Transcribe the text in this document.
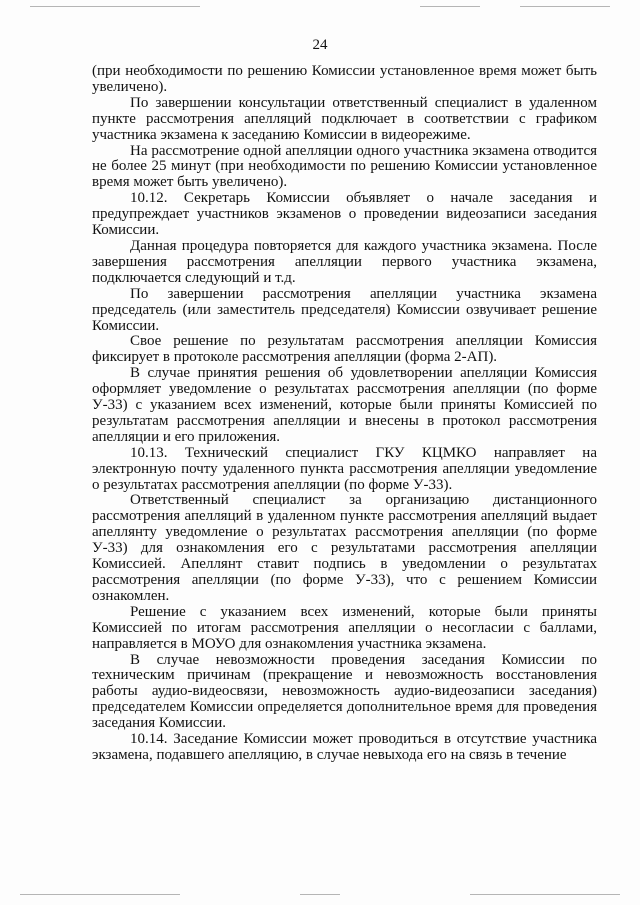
24

(при необходимости по решению Комиссии установленное время может быть увеличено).

По завершении консультации ответственный специалист в удаленном пункте рассмотрения апелляций подключает в соответствии с графиком участника экзамена к заседанию Комиссии в видеорежиме.

На рассмотрение одной апелляции одного участника экзамена отводится не более 25 минут (при необходимости по решению Комиссии установленное время может быть увеличено).

10.12. Секретарь Комиссии объявляет о начале заседания и предупреждает участников экзаменов о проведении видеозаписи заседания Комиссии.

Данная процедура повторяется для каждого участника экзамена. После завершения рассмотрения апелляции первого участника экзамена, подключается следующий и т.д.

По завершении рассмотрения апелляции участника экзамена председатель (или заместитель председателя) Комиссии озвучивает решение Комиссии.

Свое решение по результатам рассмотрения апелляции Комиссия фиксирует в протоколе рассмотрения апелляции (форма 2-АП).

В случае принятия решения об удовлетворении апелляции Комиссия оформляет уведомление о результатах рассмотрения апелляции (по форме У-33) с указанием всех изменений, которые были приняты Комиссией по результатам рассмотрения апелляции и внесены в протокол рассмотрения апелляции и его приложения.

10.13. Технический специалист ГКУ КЦМКО направляет на электронную почту удаленного пункта рассмотрения апелляции уведомление о результатах рассмотрения апелляции (по форме У-33).

Ответственный специалист за организацию дистанционного рассмотрения апелляций в удаленном пункте рассмотрения апелляций выдает апеллянту уведомление о результатах рассмотрения апелляции (по форме У-33) для ознакомления его с результатами рассмотрения апелляции Комиссией. Апеллянт ставит подпись в уведомлении о результатах рассмотрения апелляции (по форме У-33), что с решением Комиссии ознакомлен.

Решение с указанием всех изменений, которые были приняты Комиссией по итогам рассмотрения апелляции о несогласии с баллами, направляется в МОУО для ознакомления участника экзамена.

В случае невозможности проведения заседания Комиссии по техническим причинам (прекращение и невозможность восстановления работы аудио-видеосвязи, невозможность аудио-видеозаписи заседания) председателем Комиссии определяется дополнительное время для проведения заседания Комиссии.

10.14. Заседание Комиссии может проводиться в отсутствие участника экзамена, подавшего апелляцию, в случае невыхода его на связь в течение
